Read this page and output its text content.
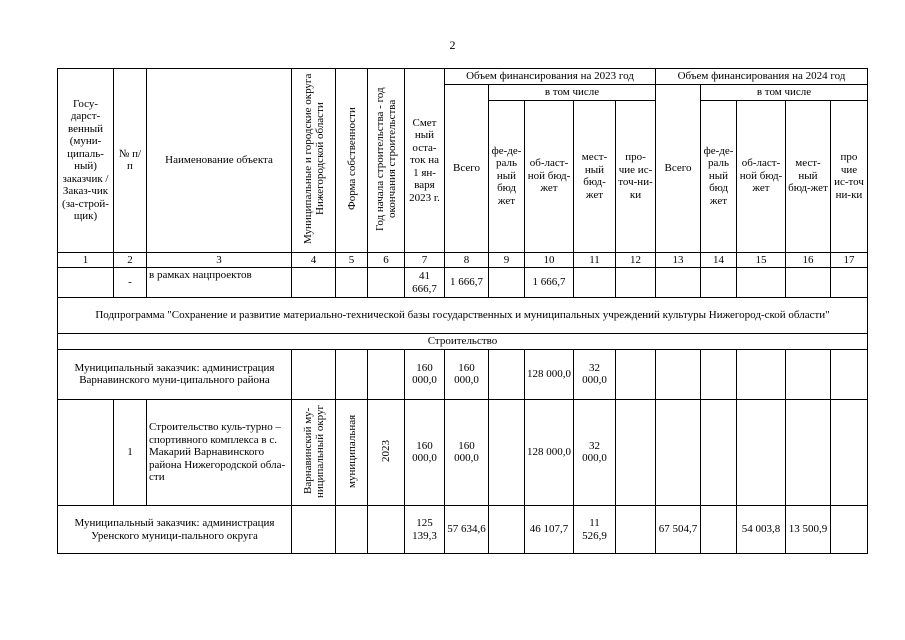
2
Госу-дарст-венный (муни-ципаль-ный) заказчик / Заказ-чик (за-строй-щик)	№ п/п	Наименование объекта	Муниципальные и городские округа Нижегородской области	Форма собственности	Год начала строительства - год окончания строительства	Смет ный оста-ток на 1 ян-варя 2023 г.	Объем финансирования на 2023 год					Объем финансирования на 2024 год				
							Всего	в том числе				Всего	в том числе			
								фе-де-раль ный бюд жет	об-ласт-ной бюд-жет	мест-ный бюд-жет	про-чие ис-точ-ни-ки		фе-де-раль ный бюд жет	об-ласт-ной бюд-жет	мест-ный бюд-жет	про чие ис-точ ни-ки
1	2	3	4	5	6	7	8	9	10	11	12	13	14	15	16	17
	-	в рамках нацпроектов				41 666,7	1 666,7		1 666,7							
Подпрограмма "Сохранение и развитие материально-технической базы государственных и муниципальных учреждений культуры Нижегород-ской области"																
Строительство																
Муниципальный заказчик: администрация Варнавинского муни-ципального района						160 000,0	160 000,0		128 000,0	32 000,0						
	1	Строительство куль-турно – спортивного комплекса в с. Макарий Варнавинского района Нижегородской обла-сти	Варнавинский му-ниципальный округ	муниципальная	2023	160 000,0	160 000,0		128 000,0	32 000,0						
Муниципальный заказчик: администрация Уренского муници-пального округа						125 139,3	57 634,6		46 107,7	11 526,9		67 504,7		54 003,8	13 500,9	
